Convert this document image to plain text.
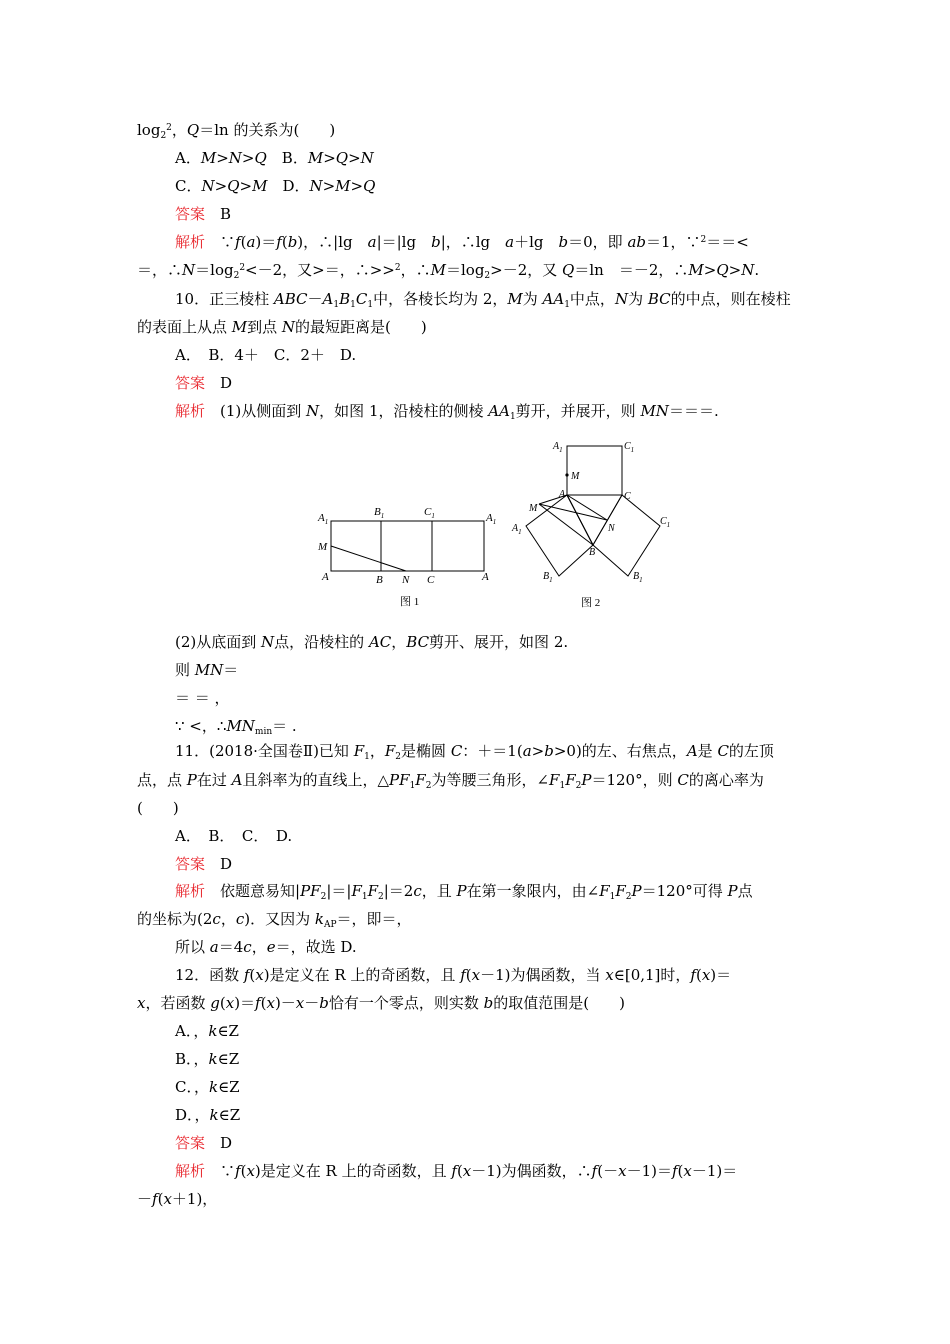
$\log_2^2$，Q＝ln 的关系为(　　)
A．M>N>Q　B．M>Q>N
C．N>Q>M　D．N>M>Q
答案　B
解析　∵f(a)＝f(b)，∴|lg　a|＝|lg　b|，∴lg　a＋lg　b＝0，即 ab＝1，∵$^2$＝＝<
＝，$\therefore N=\log_2^2<-2$，又>＝，∴>>$^2$，$\therefore M=\log_2>-2$，又 Q＝ln　＝－2，∴M>Q>N.
10．正三棱柱 $ABC-A_1B_1C_1$中，各棱长均为 2，M为 $AA_1$中点，N为 BC的中点，则在棱柱
的表面上从点 M到点 N的最短距离是(　　)
A．　B．4＋　C．2＋　D.
答案　D
解析　(1)从侧面到 N，如图 1，沿棱柱的侧棱 $AA_1$剪开，并展开，则 MN＝＝＝.
$A_1$
$B_1$	$C_1$	$A_1$
M
A	B N C	A
图 1
$A_1$	$C_1$
M
A	C
M
$A_1$	N
$C_1$
B
$B_1$	$B_1$
图 2
(2)从底面到 N点，沿棱柱的 AC，BC剪开、展开，如图 2.
则 MN＝
＝ ＝ ，
∵ <，$\therefore MN_{min}=$ .
11．(2018·全国卷Ⅱ)已知 $F_1$，$F_2$是椭圆 C：＋＝1(a>b>0)的左、右焦点，A是 C的左顶
点，点 P在过 A且斜率为的直线上，$\triangle PF_1F_2$为等腰三角形，$\angle F_1F_2P=120^\circ$，则 C的离心率为
(　　)
A．　B．　C．　D.
答案　D
解析　依题意易知$|PF_2|=|F_1F_2|=2c$，且 P在第一象限内，由$\angle F_1F_2P=120^\circ$可得 P点
的坐标为(2c，c)．又因为 $k_{AP}=$，即＝，
所以 a＝4c，e＝，故选 D.
12．函数 f(x)是定义在 R 上的奇函数，且 f(x－1)为偶函数，当 x∈[0,1]时，f(x)＝
x，若函数 g(x)＝f(x)－x－b恰有一个零点，则实数 b的取值范围是(　　)
A．，k∈Z
B．，k∈Z
C．，k∈Z
D．，k∈Z
答案　D
解析　∵f(x)是定义在 R 上的奇函数，且 f(x－1)为偶函数，∴f(－x－1)＝f(x－1)＝
－f(x＋1)，
